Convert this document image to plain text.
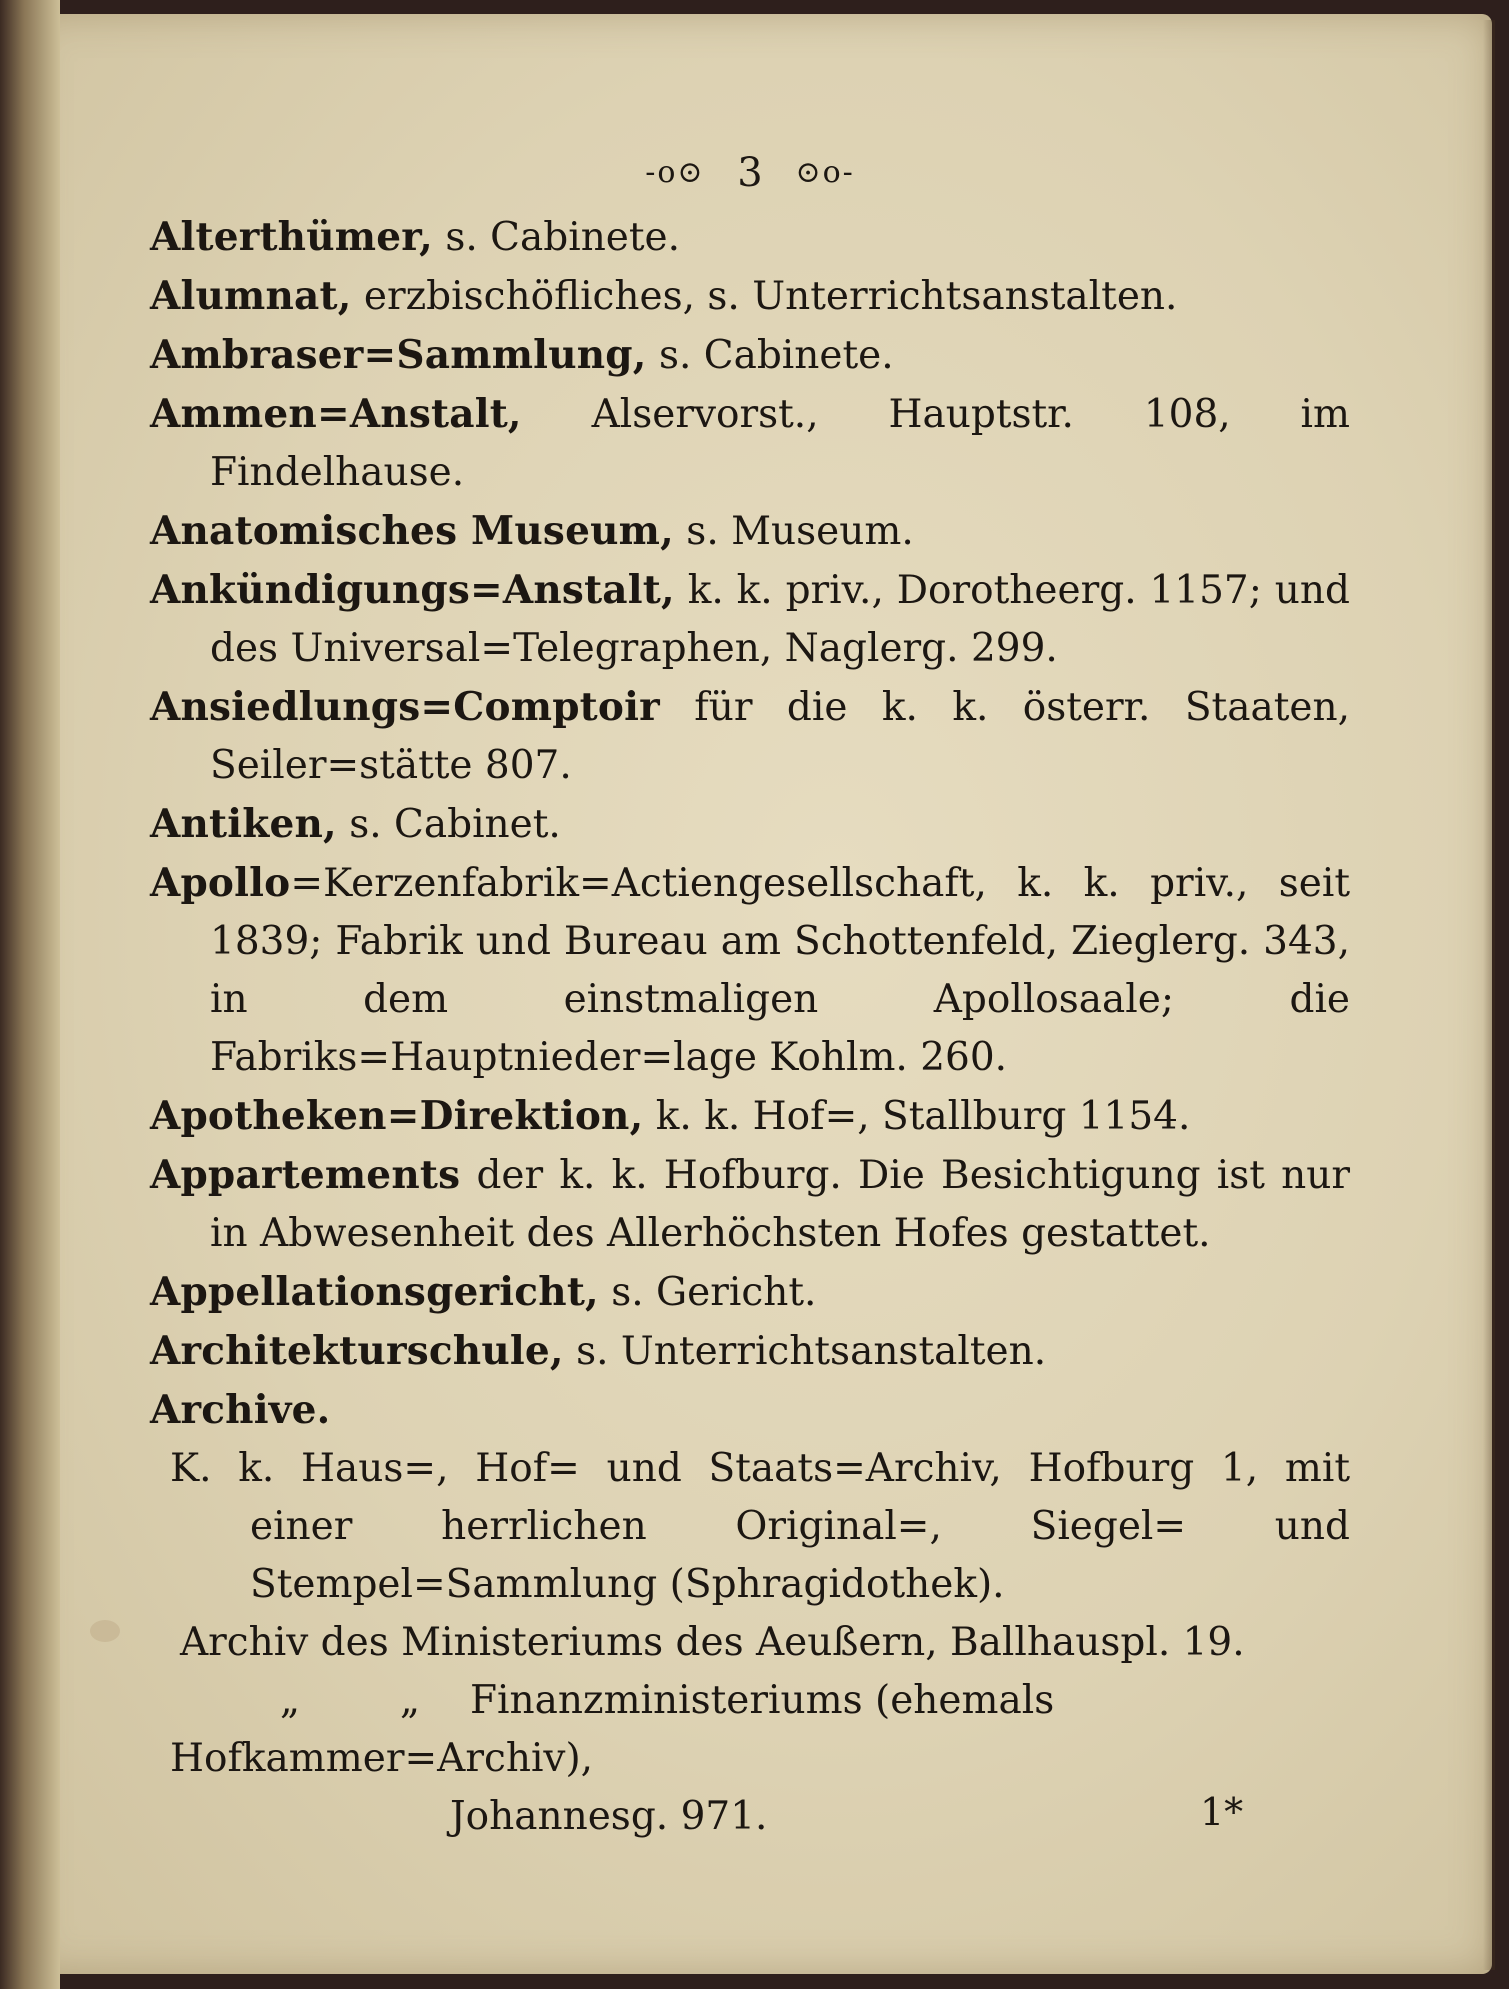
-o⊙ 3 ⊙o-
Alterthümer, s. Cabinete.
Alumnat, erzbischöfliches, s. Unterrichtsanstalten.
Ambraser=Sammlung, s. Cabinete.
Ammen=Anstalt, Alservorst., Hauptstr. 108, im Findelhause.
Anatomisches Museum, s. Museum.
Ankündigungs=Anstalt, k. k. priv., Dorotheerg. 1157; und des Universal=Telegraphen, Naglerg. 299.
Ansiedlungs=Comptoir für die k. k. österr. Staaten, Seiler=stätte 807.
Antiken, s. Cabinet.
Apollo=Kerzenfabrik=Actiengesellschaft, k. k. priv., seit 1839; Fabrik und Bureau am Schottenfeld, Zieglerg. 343, in dem einstmaligen Apollosaale; die Fabriks=Hauptnieder=lage Kohlm. 260.
Apotheken=Direktion, k. k. Hof=, Stallburg 1154.
Appartements der k. k. Hofburg. Die Besichtigung ist nur in Abwesenheit des Allerhöchsten Hofes gestattet.
Appellationsgericht, s. Gericht.
Architekturschule, s. Unterrichtsanstalten.
Archive.
K. k. Haus=, Hof= und Staats=Archiv, Hofburg 1, mit einer herrlichen Original=, Siegel= und Stempel=Sammlung (Sphragidothek).
Archiv des Ministeriums des Aeußern, Ballhauspl. 19.
„	„ Finanzministeriums (ehemals Hofkammer=Archiv),
Johannesg. 971.	1*
